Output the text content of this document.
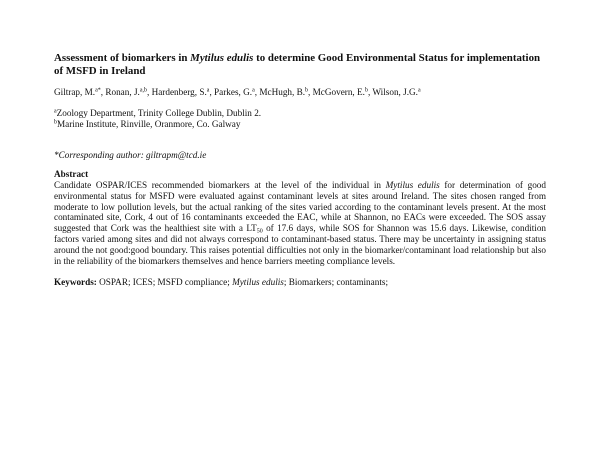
Assessment of biomarkers in Mytilus edulis to determine Good Environmental Status for implementation of MSFD in Ireland

Giltrap, M.$^{a*}$, Ronan, J.$^{a,b}$, Hardenberg, S.$^a$, Parkes, G.$^a$, McHugh, B.$^b$, McGovern, E.$^b$, Wilson, J.G.$^a$

$^a$Zoology Department, Trinity College Dublin, Dublin 2.

$^b$Marine Institute, Rinville, Oranmore, Co. Galway

*Corresponding author: giltrapm@tcd.ie

Abstract

Candidate OSPAR/ICES recommended biomarkers at the level of the individual in Mytilus edulis for determination of good environmental status for MSFD were evaluated against contaminant levels at sites around Ireland. The sites chosen ranged from moderate to low pollution levels, but the actual ranking of the sites varied according to the contaminant levels present. At the most contaminated site, Cork, 4 out of 16 contaminants exceeded the EAC, while at Shannon, no EACs were exceeded. The SOS assay suggested that Cork was the healthiest site with a $LT_{50}$ of 17.6 days, while SOS for Shannon was 15.6 days. Likewise, condition factors varied among sites and did not always correspond to contaminant-based status. There may be uncertainty in assigning status around the not good:good boundary. This raises potential difficulties not only in the biomarker/contaminant load relationship but also in the reliability of the biomarkers themselves and hence barriers meeting compliance levels.

Keywords: OSPAR; ICES; MSFD compliance; Mytilus edulis; Biomarkers; contaminants;
